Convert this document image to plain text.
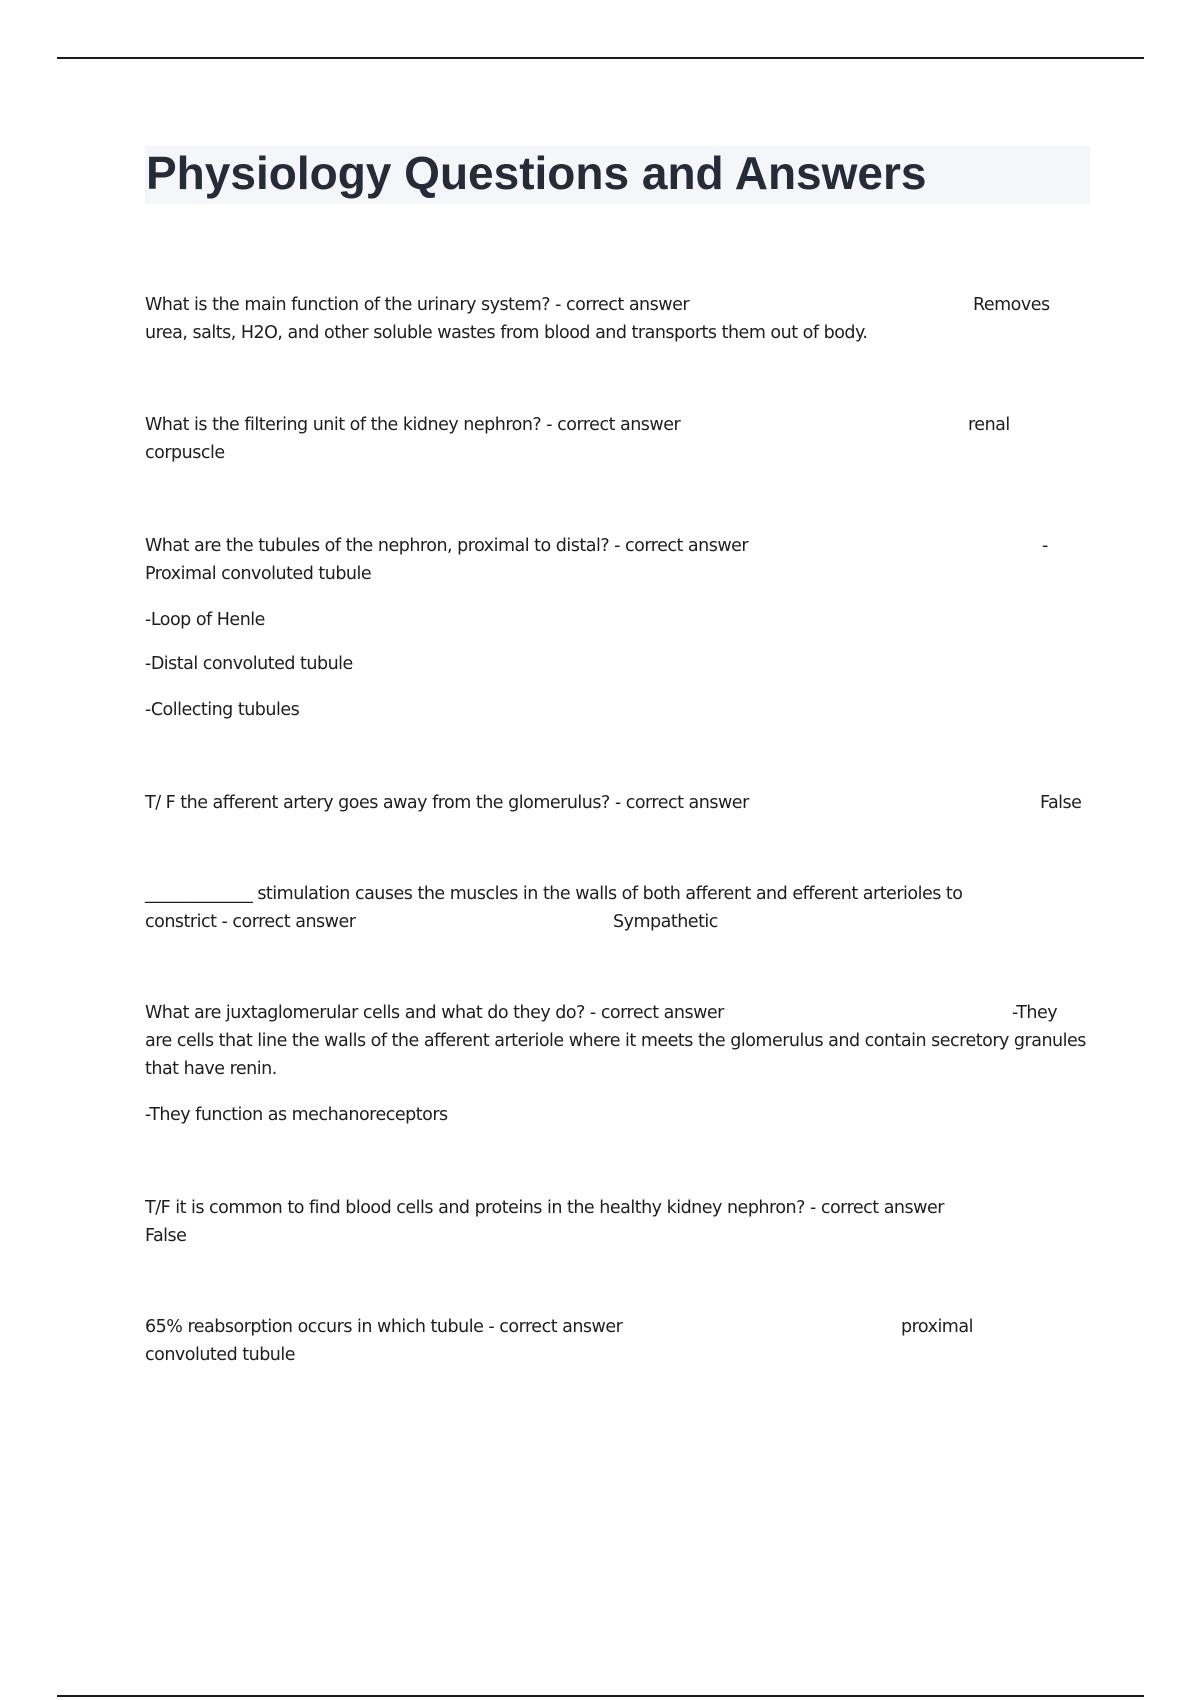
Physiology Questions and Answers
What is the main function of the urinary system? - correct answer	Removes
urea, salts, H2O, and other soluble wastes from blood and transports them out of body.
What is the filtering unit of the kidney nephron? - correct answer	renal
corpuscle
What are the tubules of the nephron, proximal to distal? - correct answer	-
Proximal convoluted tubule
-Loop of Henle
-Distal convoluted tubule
-Collecting tubules
T/ F the afferent artery goes away from the glomerulus? - correct answer	False
_____________ stimulation causes the muscles in the walls of both afferent and efferent arterioles to
constrict - correct answer	Sympathetic
What are juxtaglomerular cells and what do they do? - correct answer	-They
are cells that line the walls of the afferent arteriole where it meets the glomerulus and contain secretory granules that have renin.
-They function as mechanoreceptors
T/F it is common to find blood cells and proteins in the healthy kidney nephron? - correct answer
False
65% reabsorption occurs in which tubule - correct answer	proximal
convoluted tubule
